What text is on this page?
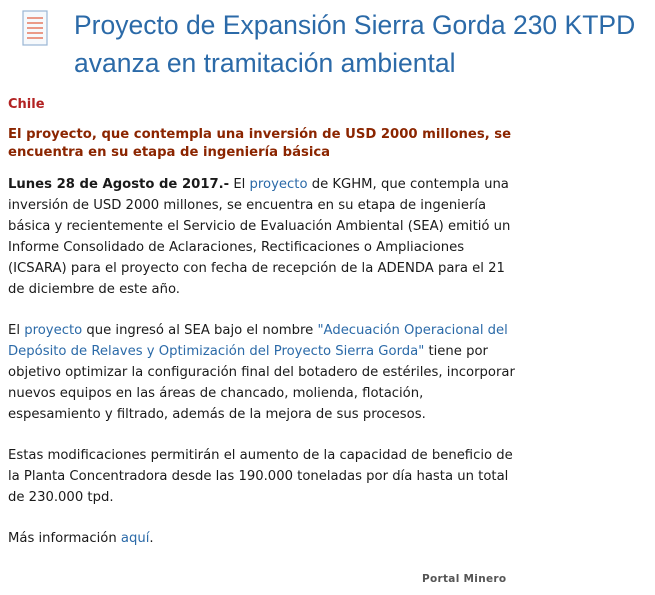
Proyecto de Expansión Sierra Gorda 230 KTPD avanza en tramitación ambiental
Chile
El proyecto, que contempla una inversión de USD 2000 millones, se encuentra en su etapa de ingeniería básica

Lunes 28 de Agosto de 2017.- El proyecto de KGHM, que contempla una inversión de USD 2000 millones, se encuentra en su etapa de ingeniería básica y recientemente el Servicio de Evaluación Ambiental (SEA) emitió un Informe Consolidado de Aclaraciones, Rectificaciones o Ampliaciones (ICSARA) para el proyecto con fecha de recepción de la ADENDA para el 21 de diciembre de este año.

El proyecto que ingresó al SEA bajo el nombre "Adecuación Operacional del Depósito de Relaves y Optimización del Proyecto Sierra Gorda" tiene por objetivo optimizar la configuración final del botadero de estériles, incorporar nuevos equipos en las áreas de chancado, molienda, flotación, espesamiento y filtrado, además de la mejora de sus procesos.

Estas modificaciones permitirán el aumento de la capacidad de beneficio de la Planta Concentradora desde las 190.000 toneladas por día hasta un total de 230.000 tpd.

Más información aquí.

Portal Minero
